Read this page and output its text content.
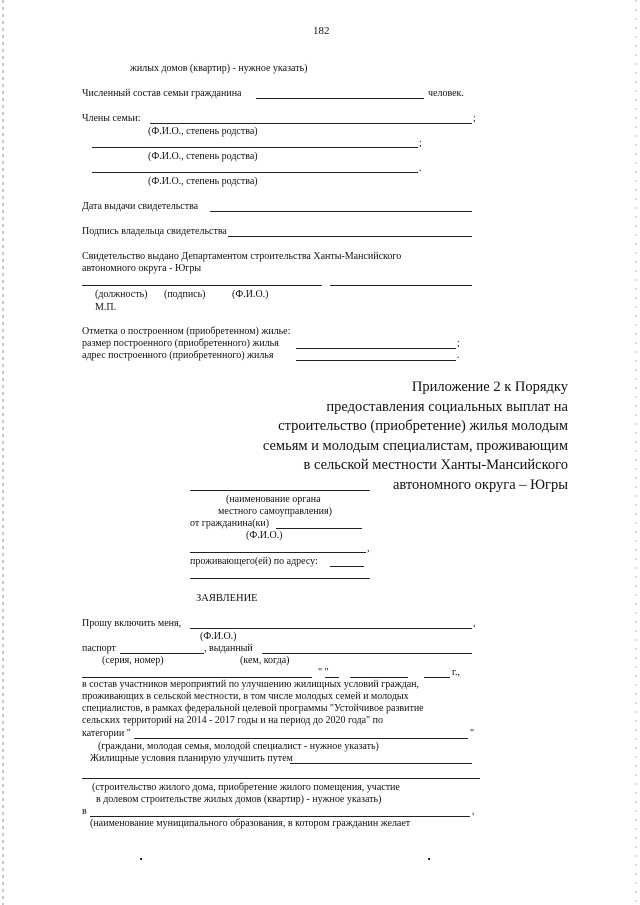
182
жилых домов (квартир) - нужное указать)
Численный состав семьи гражданина	человек.
Члены семьи:	;
(Ф.И.О., степень родства)
;
(Ф.И.О., степень родства)
.
(Ф.И.О., степень родства)
Дата выдачи свидетельства
Подпись владельца свидетельства
Свидетельство выдано Департаментом строительства Ханты-Мансийского
автономного округа - Югры
(должность) (подпись)	(Ф.И.О.)
М.П.
Отметка о построенном (приобретенном) жилье:
размер построенного (приобретенного) жилья	;
адрес построенного (приобретенного) жилья	.
Приложение 2 к Порядку
предоставления социальных выплат на
строительство (приобретение) жилья молодым
семьям и молодым специалистам, проживающим
в сельской местности Ханты-Мансийского
автономного округа – Югры
(наименование органа
местного самоуправления)
от гражданина(ки)
(Ф.И.О.)
,
проживающего(ей) по адресу:
ЗАЯВЛЕНИЕ
Прошу включить меня,	,
(Ф.И.О.)
паспорт	, выданный
(серия, номер)	(кем, когда)
" "	г.,
в состав участников мероприятий по улучшению жилищных условий граждан,
проживающих в сельской местности, в том числе молодых семей и молодых
специалистов, в рамках федеральной целевой программы "Устойчивое развитие
сельских территорий на 2014 - 2017 годы и на период до 2020 года" по
категории "	"
(граждани, молодая семья, молодой специалист - нужное указать)
Жилищные условия планирую улучшить путем
(строительство жилого дома, приобретение жилого помещения, участие
в долевом строительстве жилых домов (квартир) - нужное указать)
в	,
(наименование муниципального образования, в котором гражданин желает
